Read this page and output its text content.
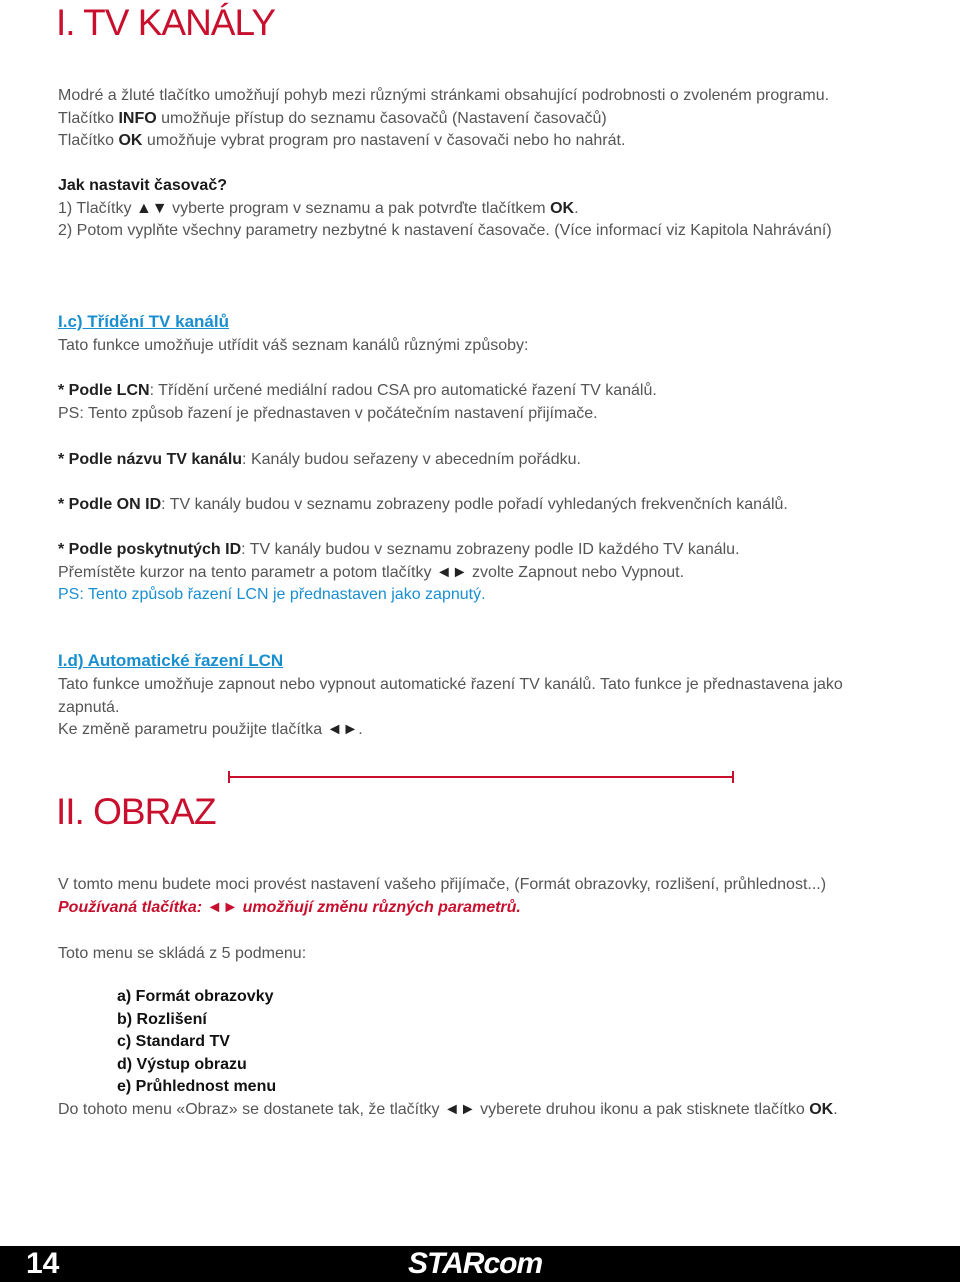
I. TV KANÁLY
Modré a žluté tlačítko umožňují pohyb mezi různými stránkami obsahující podrobnosti o zvoleném programu.
Tlačítko INFO umožňuje přístup do seznamu časovačů (Nastavení časovačů)
Tlačítko OK umožňuje vybrat program pro nastavení v časovači nebo ho nahrát.
Jak nastavit časovač?
1) Tlačítky ▲▼ vyberte program v seznamu a pak potvrďte tlačítkem OK.
2) Potom vyplňte všechny parametry nezbytné k nastavení časovače. (Více informací viz Kapitola Nahrávání)
I.c) Třídění TV kanálů
Tato funkce umožňuje utřídit váš seznam kanálů různými způsoby:
* Podle LCN: Třídění určené mediální radou CSA pro automatické řazení TV kanálů.
PS: Tento způsob řazení je přednastaven v počátečním nastavení přijímače.
* Podle názvu TV kanálu: Kanály budou seřazeny v abecedním pořádku.
* Podle ON ID: TV kanály budou v seznamu zobrazeny podle pořadí vyhledaných frekvenčních kanálů.
* Podle poskytnutých ID: TV kanály budou v seznamu zobrazeny podle ID každého TV kanálu.
Přemístěte kurzor na tento parametr a potom tlačítky ◄► zvolte Zapnout nebo Vypnout.
PS: Tento způsob řazení LCN je přednastaven jako zapnutý.
I.d) Automatické řazení LCN
Tato funkce umožňuje zapnout nebo vypnout automatické řazení TV kanálů. Tato funkce je přednastavena jako
zapnutá.
Ke změně parametru použijte tlačítka ◄►.
II. OBRAZ
V tomto menu budete moci provést nastavení vašeho přijímače, (Formát obrazovky, rozlišení, průhlednost...)
Používaná tlačítka: ◄► umožňují změnu různých parametrů.
Toto menu se skládá z 5 podmenu:
a) Formát obrazovky
b) Rozlišení
c) Standard TV
d) Výstup obrazu
e) Průhlednost menu
Do tohoto menu «Obraz» se dostanete tak, že tlačítky ◄► vyberete druhou ikonu a pak stisknete tlačítko OK.
14	STARcom
